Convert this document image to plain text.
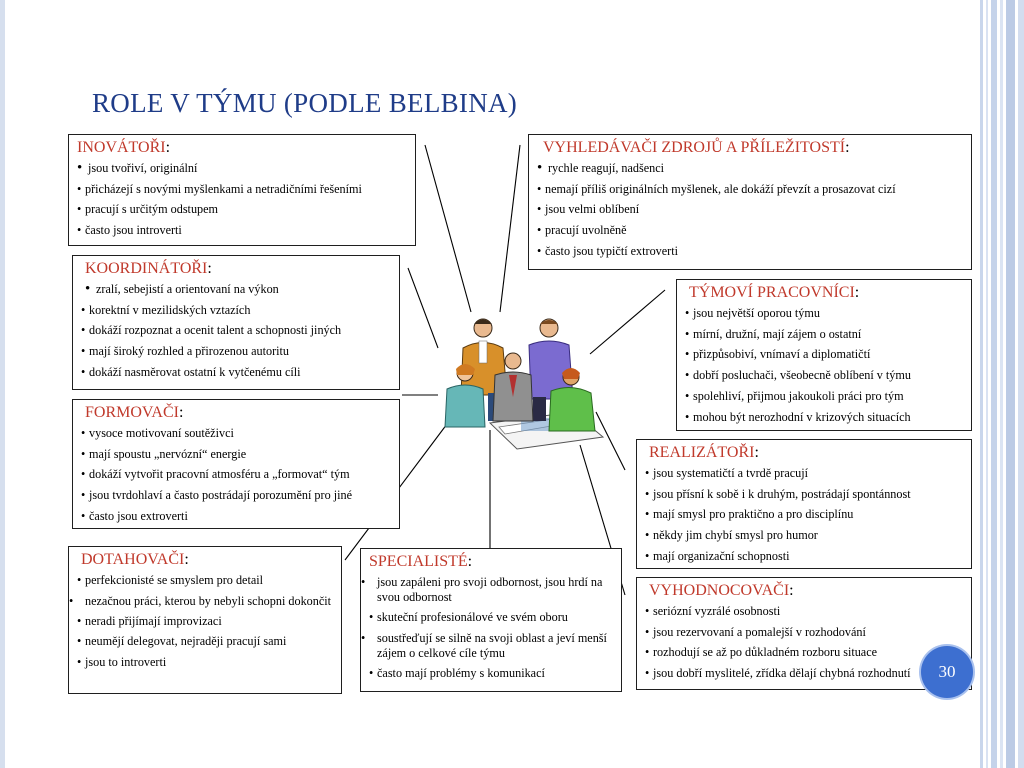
ROLE V TÝMU (PODLE BELBINA)
INOVÁTOŘI:
• jsou tvořiví, originální
• přicházejí s novými myšlenkami a netradičními řešeními
• pracují s určitým odstupem
• často jsou introverti
KOORDINÁTOŘI:
• zralí, sebejistí a orientovaní na výkon
• korektní v mezilidských vztazích
• dokáží rozpoznat a ocenit talent a schopnosti jiných
• mají široký rozhled a přirozenou autoritu
• dokáží nasměrovat ostatní k vytčenému cíli
FORMOVAČI:
• vysoce motivovaní soutěživci
• mají spoustu „nervózní“ energie
• dokáží vytvořit pracovní atmosféru a „formovat“ tým
• jsou tvrdohlaví a často postrádají porozumění pro jiné
• často jsou extroverti
DOTAHOVAČI:
• perfekcionisté se smyslem pro detail
• nezačnou práci, kterou by nebyli schopni dokončit
• neradi přijímají improvizaci
• neumějí delegovat, nejraději pracují sami
• jsou to introverti
SPECIALISTÉ:
• jsou zapáleni pro svoji odbornost, jsou hrdí na svou odbornost
• skuteční profesionálové ve svém oboru
• soustřeďují se silně na svoji oblast a jeví menší zájem o celkové cíle týmu
• často mají problémy s komunikací
VYHLEDÁVAČI ZDROJŮ A PŘÍLEŽITOSTÍ:
• rychle reagují, nadšenci
• nemají příliš originálních myšlenek, ale dokáží převzít a prosazovat cizí
• jsou velmi oblíbení
• pracují uvolněně
• často jsou typičtí extroverti
TÝMOVÍ PRACOVNÍCI:
• jsou největší oporou týmu
• mírní, družní, mají zájem o ostatní
• přizpůsobiví, vnímaví a diplomatičtí
• dobří posluchači, všeobecně oblíbení v týmu
• spolehliví, přijmou jakoukoli práci pro tým
• mohou být nerozhodní v krizových situacích
REALIZÁTOŘI:
• jsou systematičtí a tvrdě pracují
• jsou přísní k sobě i k druhým, postrádají spontánnost
• mají smysl pro praktično a pro disciplínu
• někdy jim chybí smysl pro humor
• mají organizační schopnosti
VYHODNOCOVAČI:
• seriózní vyzrálé osobnosti
• jsou rezervovaní a pomalejší v rozhodování
• rozhodují se až po důkladném rozboru situace
• jsou dobří myslitelé, zřídka dělají chybná rozhodnutí	30
